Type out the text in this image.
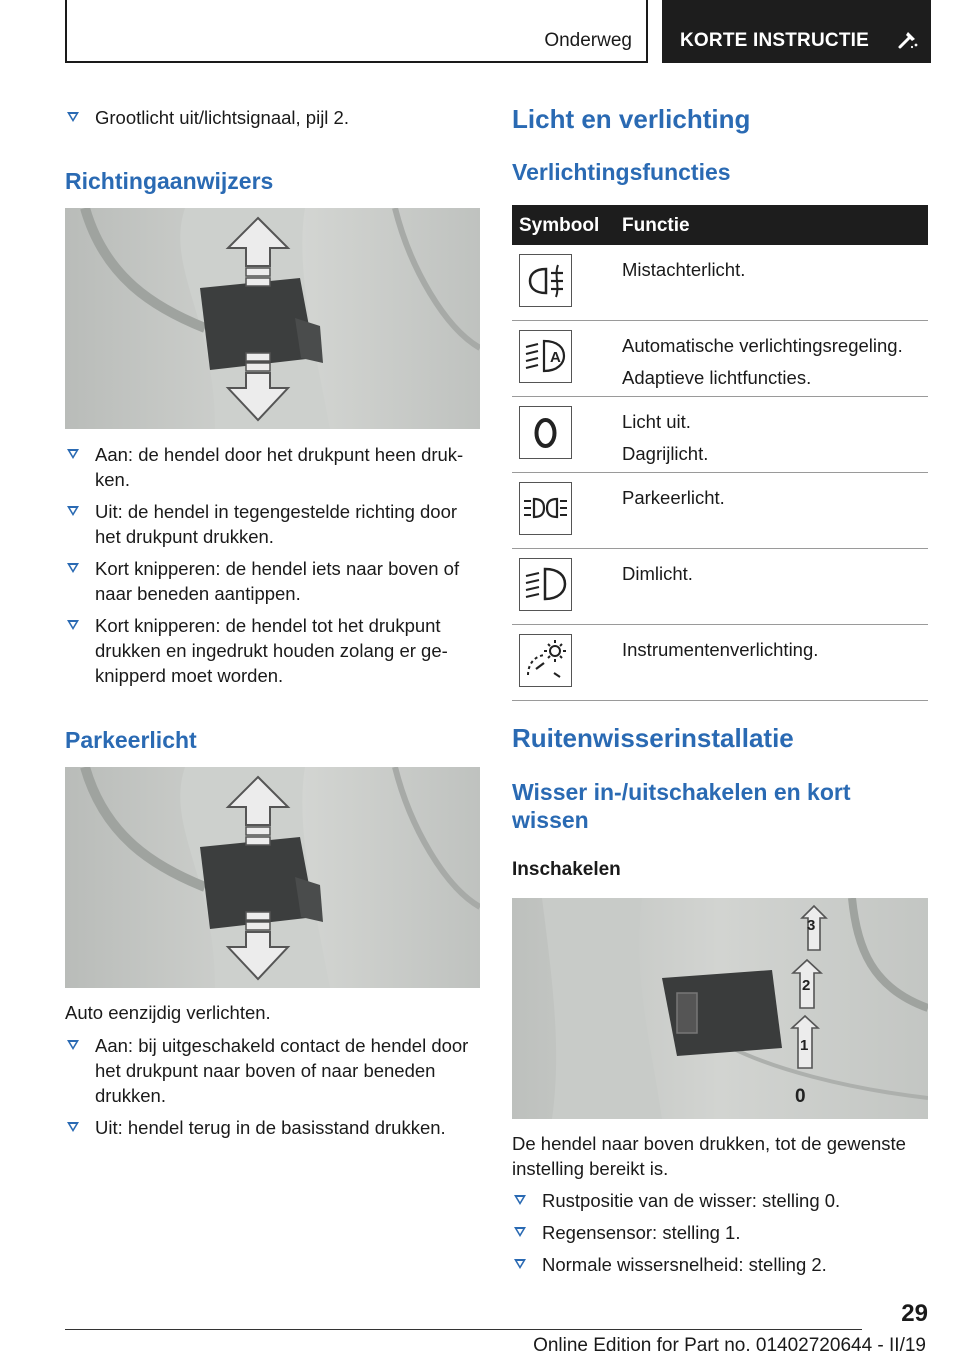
Onderweg	KORTE INSTRUCTIE
Grootlicht uit/lichtsignaal, pijl 2.
Richtingaanwijzers
Aan: de hendel door het drukpunt heen druk-ken.
Uit: de hendel in tegengestelde richting door het drukpunt drukken.
Kort knipperen: de hendel iets naar boven of naar beneden aantippen.
Kort knipperen: de hendel tot het drukpunt drukken en ingedrukt houden zolang er ge-knipperd moet worden.
Parkeerlicht
Auto eenzijdig verlichten.
Aan: bij uitgeschakeld contact de hendel door het drukpunt naar boven of naar beneden drukken.
Uit: hendel terug in de basisstand drukken.
Licht en verlichting
Verlichtingsfuncties
Symbool Functie
Mistachterlicht.
A
Automatische verlichtingsregeling.
Adaptieve lichtfuncties.
Licht uit.
Dagrijlicht.
Parkeerlicht.
Dimlicht.
Instrumentenverlichting.
Ruitenwisserinstallatie
Wisser in-/uitschakelen en kort wissen
Inschakelen
3
2
1
0
De hendel naar boven drukken, tot de gewenste instelling bereikt is.
Rustpositie van de wisser: stelling 0.
Regensensor: stelling 1.
Normale wissersnelheid: stelling 2.
29
Online Edition for Part no. 01402720644 - II/19
